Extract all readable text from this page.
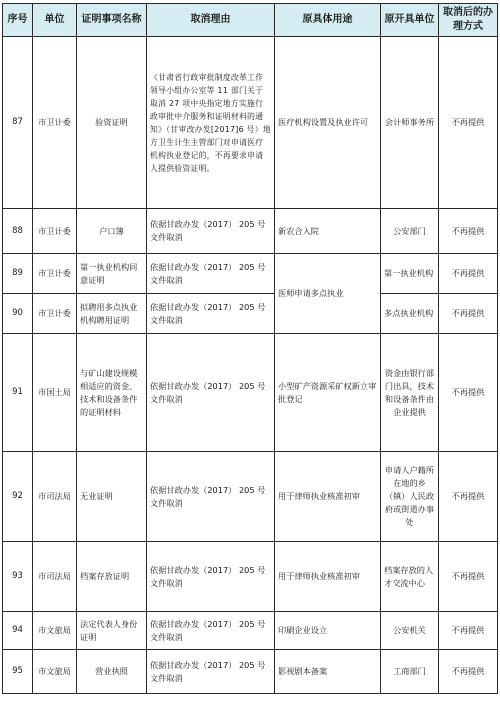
序号	单位	证明事项名称	取消理由	原具体用途	原开具单位	取消后的办理方式
87	市卫计委	验资证明	《甘肃省行政审批制度改革工作领导小组办公室等 11 部门关于取消 27 项中央指定地方实施行政审批中介服务和证明材料的通知》（甘审改办发[2017]6 号）地方卫生计生主管部门对申请医疗机构执业登记的，不再要求申请人提供验资证明。	医疗机构设置及执业许可	会计师事务所	不再提供
88	市卫计委	户口簿	依据甘政办发（2017） 205 号文件取消	新农合入院	公安部门	不再提供
89	市卫计委	第一执业机构同意证明	依据甘政办发（2017） 205 号文件取消	医师申请多点执业	第一执业机构	不再提供
90	市卫计委	拟聘用多点执业机构聘用证明	依据甘政办发（2017） 205 号文件取消		多点执业机构	不再提供
91	市国土局	与矿山建设规模相适应的资金、技术和设备条件的证明材料	依据甘政办发（2017） 205 号文件取消	小型矿产资源采矿权新立审批登记	资金由银行部门出具，技术和设备条件由企业提供	不再提供
92	市司法局	无业证明	依据甘政办发（2017） 205 号文件取消	用于律师执业核准初审	申请人户籍所在地的乡（镇）人民政府或街道办事处	不再提供
93	市司法局	档案存放证明	依据甘政办发（2017） 205 号文件取消	用于律师执业核准初审	档案存放的人才交流中心	不再提供
94	市文旅局	法定代表人身份证明	依据甘政办发（2017） 205 号文件取消	印刷企业设立	公安机关	不再提供
95	市文旅局	营业执照	依据甘政办发（2017） 205 号文件取消	影视剧本备案	工商部门	不再提供
